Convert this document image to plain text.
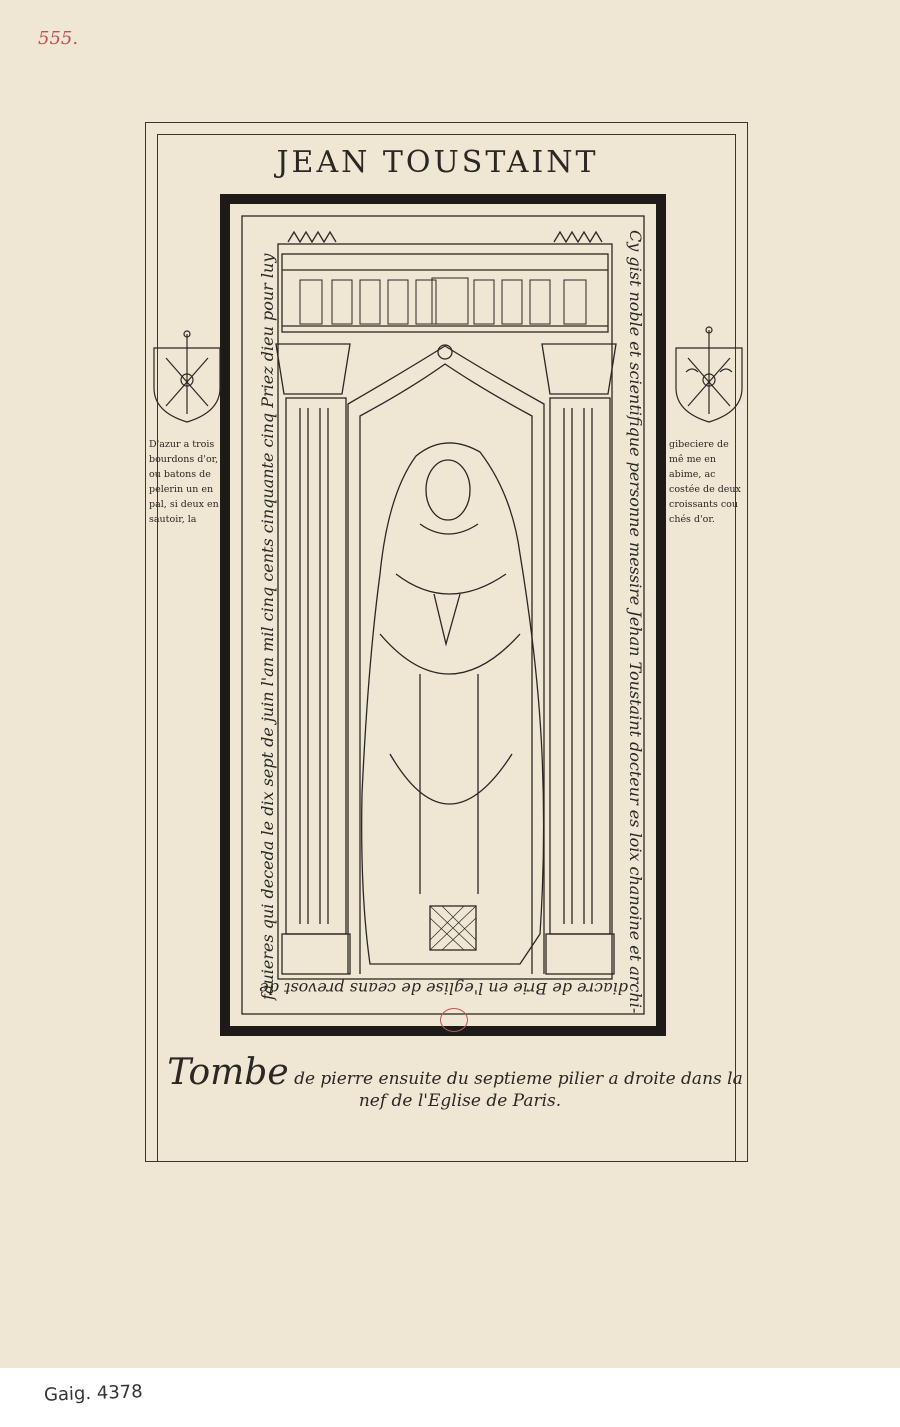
555.
JEAN TOUSTAINT
Cy gist noble et scientifique personne messire Jehan Toustaint docteur es loix chanoine et archi-
diacre de Brie en l'eglise de ceans prevost de
fauieres qui deceda le dix sept de juin l'an mil cinq cents cinquante cinq Priez dieu pour luy
D'azur a trois bourdons d'or, ou batons de pelerin un en pal, si deux en sautoir, la
gibeciere de mê me en abime, ac costée de deux croissants cou chés d'or.
Tombe de pierre ensuite du septieme pilier a droite dans la
nef de l'Eglise de Paris.
Gaig. 4378
